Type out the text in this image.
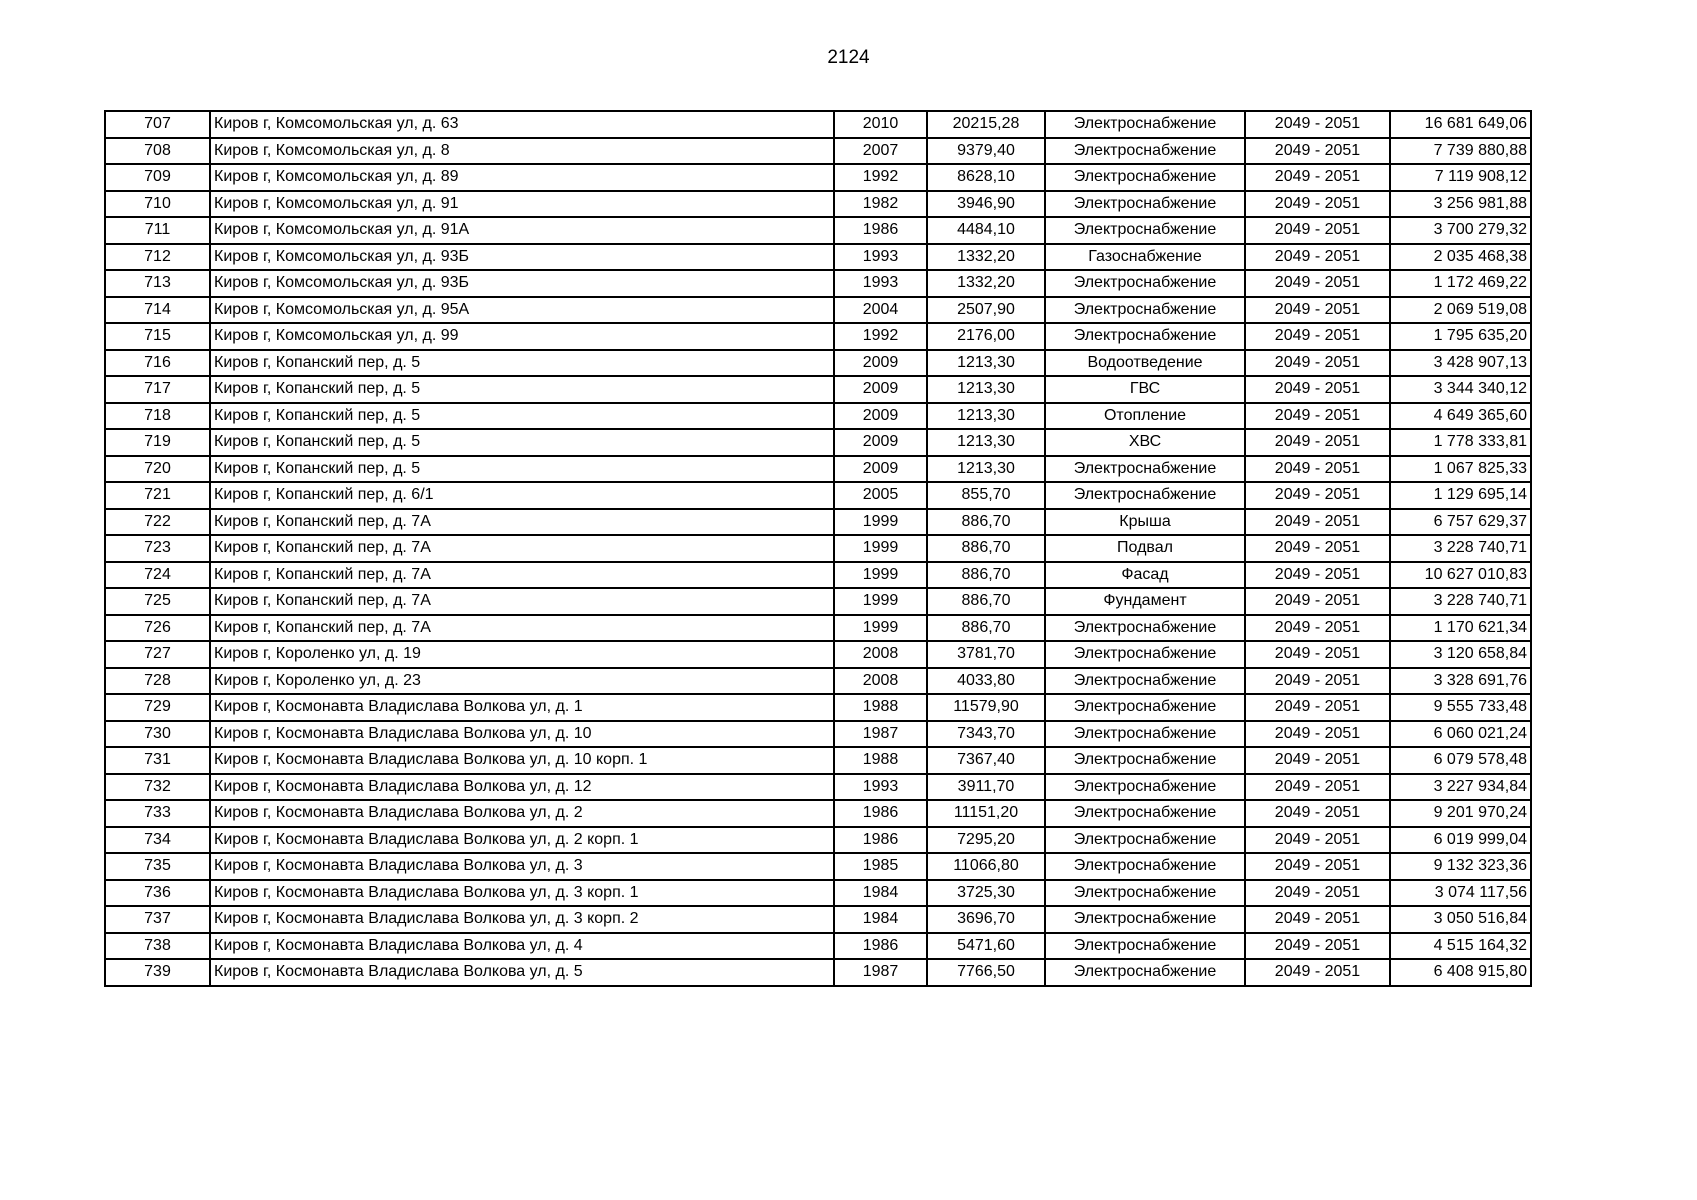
2124
707	Киров г, Комсомольская ул, д. 63	2010	20215,28	Электроснабжение	2049 - 2051	16 681 649,06
708	Киров г, Комсомольская ул, д. 8	2007	9379,40	Электроснабжение	2049 - 2051	7 739 880,88
709	Киров г, Комсомольская ул, д. 89	1992	8628,10	Электроснабжение	2049 - 2051	7 119 908,12
710	Киров г, Комсомольская ул, д. 91	1982	3946,90	Электроснабжение	2049 - 2051	3 256 981,88
711	Киров г, Комсомольская ул, д. 91А	1986	4484,10	Электроснабжение	2049 - 2051	3 700 279,32
712	Киров г, Комсомольская ул, д. 93Б	1993	1332,20	Газоснабжение	2049 - 2051	2 035 468,38
713	Киров г, Комсомольская ул, д. 93Б	1993	1332,20	Электроснабжение	2049 - 2051	1 172 469,22
714	Киров г, Комсомольская ул, д. 95А	2004	2507,90	Электроснабжение	2049 - 2051	2 069 519,08
715	Киров г, Комсомольская ул, д. 99	1992	2176,00	Электроснабжение	2049 - 2051	1 795 635,20
716	Киров г, Копанский пер, д. 5	2009	1213,30	Водоотведение	2049 - 2051	3 428 907,13
717	Киров г, Копанский пер, д. 5	2009	1213,30	ГВС	2049 - 2051	3 344 340,12
718	Киров г, Копанский пер, д. 5	2009	1213,30	Отопление	2049 - 2051	4 649 365,60
719	Киров г, Копанский пер, д. 5	2009	1213,30	ХВС	2049 - 2051	1 778 333,81
720	Киров г, Копанский пер, д. 5	2009	1213,30	Электроснабжение	2049 - 2051	1 067 825,33
721	Киров г, Копанский пер, д. 6/1	2005	855,70	Электроснабжение	2049 - 2051	1 129 695,14
722	Киров г, Копанский пер, д. 7А	1999	886,70	Крыша	2049 - 2051	6 757 629,37
723	Киров г, Копанский пер, д. 7А	1999	886,70	Подвал	2049 - 2051	3 228 740,71
724	Киров г, Копанский пер, д. 7А	1999	886,70	Фасад	2049 - 2051	10 627 010,83
725	Киров г, Копанский пер, д. 7А	1999	886,70	Фундамент	2049 - 2051	3 228 740,71
726	Киров г, Копанский пер, д. 7А	1999	886,70	Электроснабжение	2049 - 2051	1 170 621,34
727	Киров г, Короленко ул, д. 19	2008	3781,70	Электроснабжение	2049 - 2051	3 120 658,84
728	Киров г, Короленко ул, д. 23	2008	4033,80	Электроснабжение	2049 - 2051	3 328 691,76
729	Киров г, Космонавта Владислава Волкова ул, д. 1	1988	11579,90	Электроснабжение	2049 - 2051	9 555 733,48
730	Киров г, Космонавта Владислава Волкова ул, д. 10	1987	7343,70	Электроснабжение	2049 - 2051	6 060 021,24
731	Киров г, Космонавта Владислава Волкова ул, д. 10 корп. 1	1988	7367,40	Электроснабжение	2049 - 2051	6 079 578,48
732	Киров г, Космонавта Владислава Волкова ул, д. 12	1993	3911,70	Электроснабжение	2049 - 2051	3 227 934,84
733	Киров г, Космонавта Владислава Волкова ул, д. 2	1986	11151,20	Электроснабжение	2049 - 2051	9 201 970,24
734	Киров г, Космонавта Владислава Волкова ул, д. 2 корп. 1	1986	7295,20	Электроснабжение	2049 - 2051	6 019 999,04
735	Киров г, Космонавта Владислава Волкова ул, д. 3	1985	11066,80	Электроснабжение	2049 - 2051	9 132 323,36
736	Киров г, Космонавта Владислава Волкова ул, д. 3 корп. 1	1984	3725,30	Электроснабжение	2049 - 2051	3 074 117,56
737	Киров г, Космонавта Владислава Волкова ул, д. 3 корп. 2	1984	3696,70	Электроснабжение	2049 - 2051	3 050 516,84
738	Киров г, Космонавта Владислава Волкова ул, д. 4	1986	5471,60	Электроснабжение	2049 - 2051	4 515 164,32
739	Киров г, Космонавта Владислава Волкова ул, д. 5	1987	7766,50	Электроснабжение	2049 - 2051	6 408 915,80
